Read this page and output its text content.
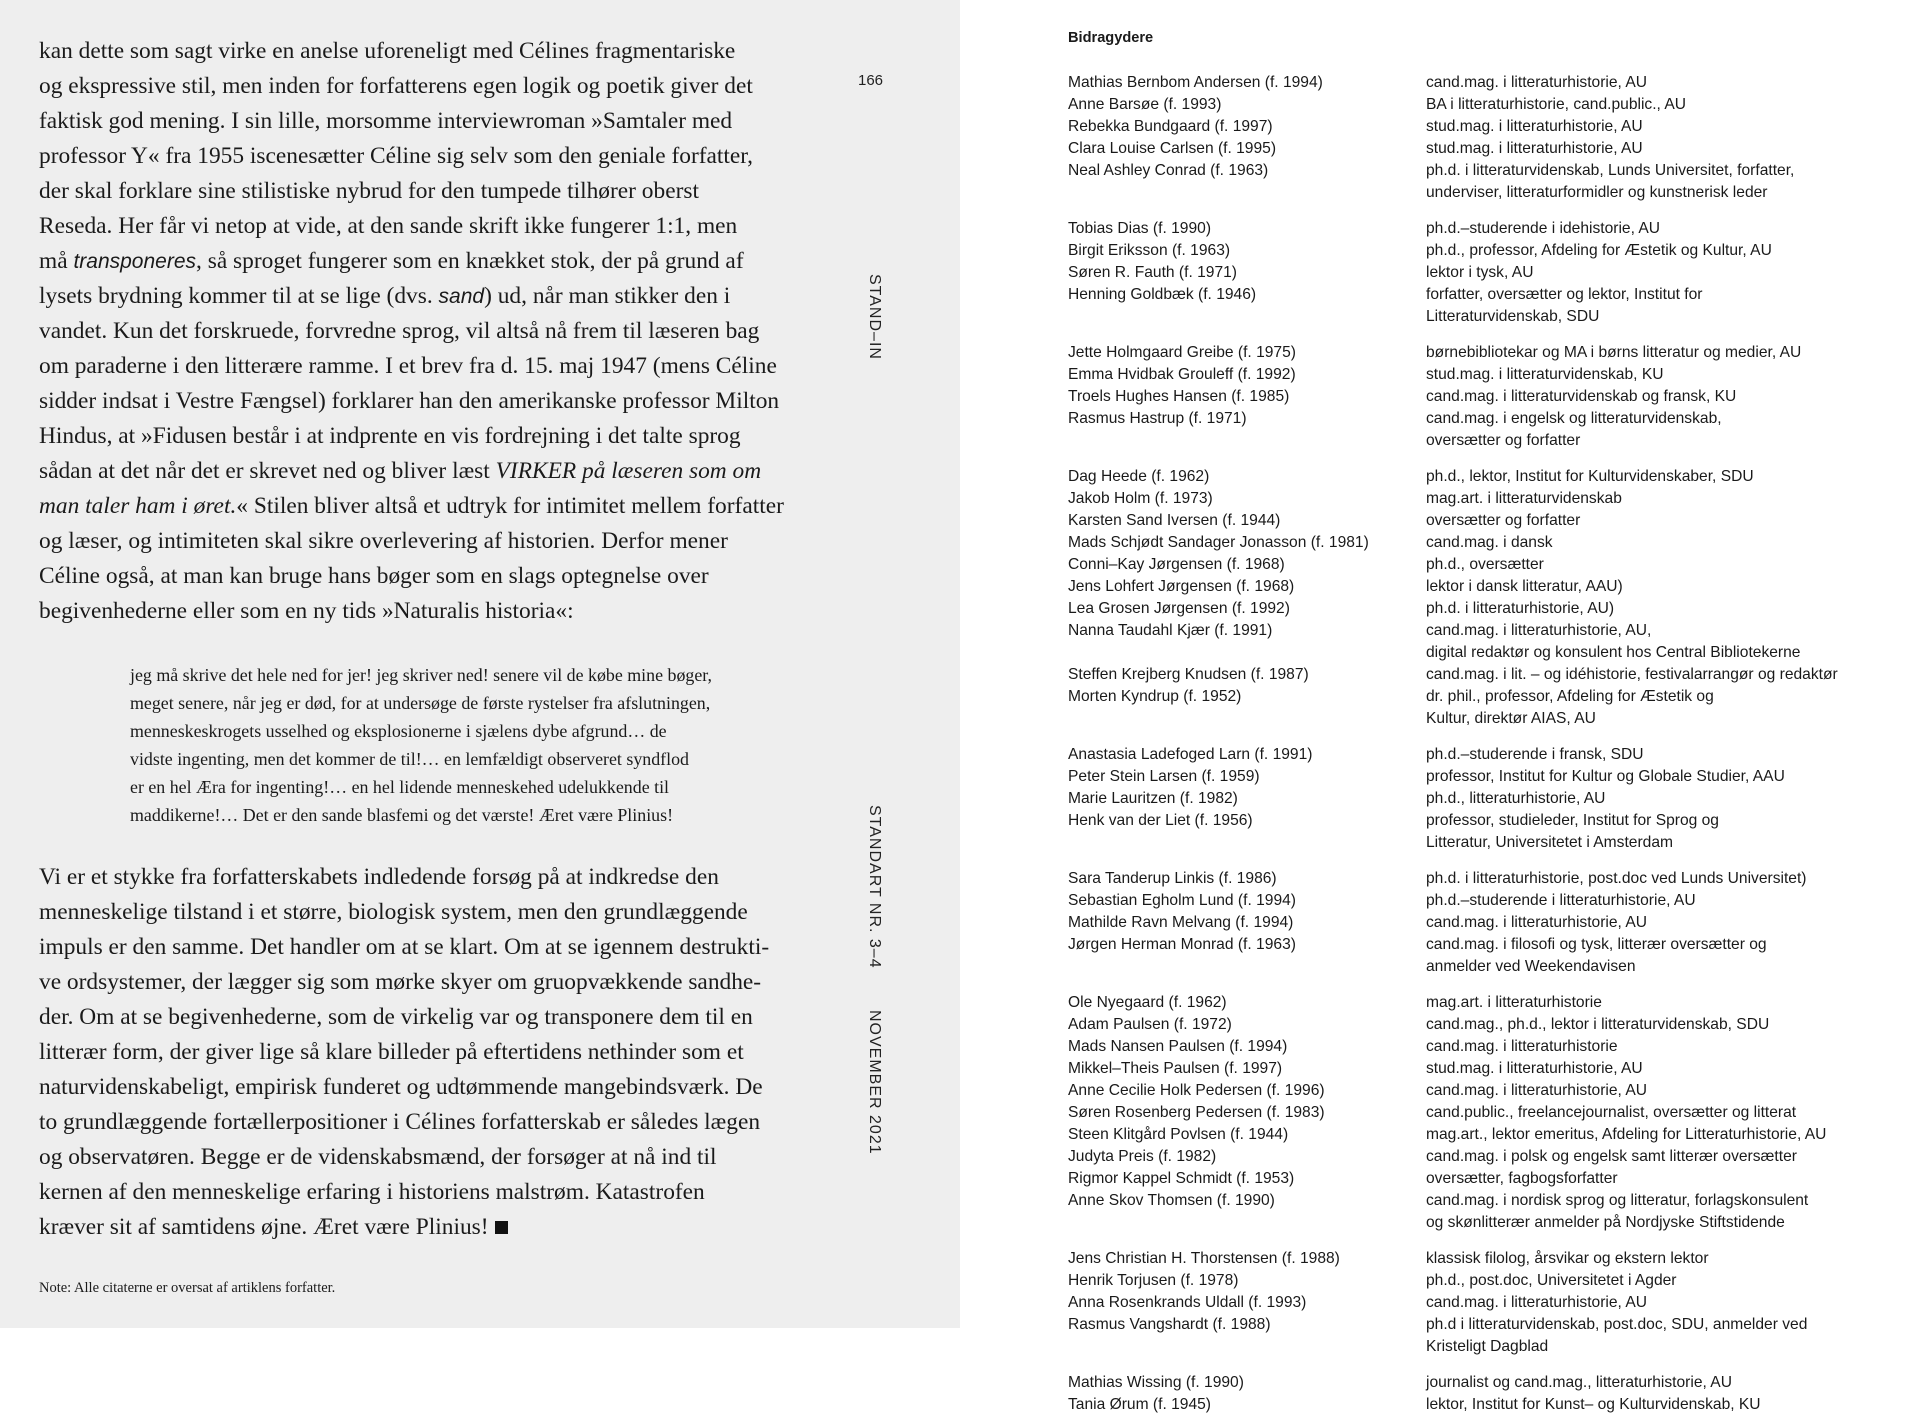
kan dette som sagt virke en anelse uforeneligt med Célines fragmentariske
og ekspressive stil, men inden for forfatterens egen logik og poetik giver det
faktisk god mening. I sin lille, morsomme interviewroman »Samtaler med
professor Y« fra 1955 iscenesætter Céline sig selv som den geniale forfatter,
der skal forklare sine stilistiske nybrud for den tumpede tilhører oberst
Reseda. Her får vi netop at vide, at den sande skrift ikke fungerer 1:1, men
må transponeres, så sproget fungerer som en knækket stok, der på grund af
lysets brydning kommer til at se lige (dvs. sand) ud, når man stikker den i
vandet. Kun det forskruede, forvredne sprog, vil altså nå frem til læseren bag
om paraderne i den litterære ramme. I et brev fra d. 15. maj 1947 (mens Céline
sidder indsat i Vestre Fængsel) forklarer han den amerikanske professor Milton
Hindus, at »Fidusen består i at indprente en vis fordrejning i det talte sprog
sådan at det når det er skrevet ned og bliver læst VIRKER på læseren som om
man taler ham i øret.« Stilen bliver altså et udtryk for intimitet mellem forfatter
og læser, og intimiteten skal sikre overlevering af historien. Derfor mener
Céline også, at man kan bruge hans bøger som en slags optegnelse over
begivenhederne eller som en ny tids »Naturalis historia«:
jeg må skrive det hele ned for jer! jeg skriver ned! senere vil de købe mine bøger,
meget senere, når jeg er død, for at undersøge de første rystelser fra afslutningen,
menneskeskrogets usselhed og eksplosionerne i sjælens dybe afgrund… de
vidste ingenting, men det kommer de til!… en lemfældigt observeret syndflod
er en hel Æra for ingenting!… en hel lidende menneskehed udelukkende til
maddikerne!… Det er den sande blasfemi og det værste! Æret være Plinius!
Vi er et stykke fra forfatterskabets indledende forsøg på at indkredse den
menneskelige tilstand i et større, biologisk system, men den grundlæggende
impuls er den samme. Det handler om at se klart. Om at se igennem destrukti-
ve ordsystemer, der lægger sig som mørke skyer om gruopvækkende sandhe-
der. Om at se begivenhederne, som de virkelig var og transponere dem til en
litterær form, der giver lige så klare billeder på eftertidens nethinder som et
naturvidenskabeligt, empirisk funderet og udtømmende mangebindsværk. De
to grundlæggende fortællerpositioner i Célines forfatterskab er således lægen
og observatøren. Begge er de videnskabsmænd, der forsøger at nå ind til
kernen af den menneskelige erfaring i historiens malstrøm. Katastrofen
kræver sit af samtidens øjne. Æret være Plinius!
Note: Alle citaterne er oversat af artiklens forfatter.
166
STAND–IN
STANDART NR. 3–4
NOVEMBER 2021
Bidragydere
Mathias Bernbom Andersen (f. 1994)	cand.mag. i litteraturhistorie, AU
Anne Barsøe (f. 1993)	BA i litteraturhistorie, cand.public., AU
Rebekka Bundgaard (f. 1997)	stud.mag. i litteraturhistorie, AU
Clara Louise Carlsen (f. 1995)	stud.mag. i litteraturhistorie, AU
Neal Ashley Conrad (f. 1963)	ph.d. i litteraturvidenskab, Lunds Universitet, forfatter,
underviser, litteraturformidler og kunstnerisk leder
Tobias Dias (f. 1990)	ph.d.–studerende i idehistorie, AU
Birgit Eriksson (f. 1963)	ph.d., professor, Afdeling for Æstetik og Kultur, AU
Søren R. Fauth (f. 1971)	lektor i tysk, AU
Henning Goldbæk (f. 1946)	forfatter, oversætter og lektor, Institut for
Litteraturvidenskab, SDU
Jette Holmgaard Greibe (f. 1975)	børnebibliotekar og MA i børns litteratur og medier, AU
Emma Hvidbak Grouleff (f. 1992)	stud.mag. i litteraturvidenskab, KU
Troels Hughes Hansen (f. 1985)	cand.mag. i litteraturvidenskab og fransk, KU
Rasmus Hastrup (f. 1971)	cand.mag. i engelsk og litteraturvidenskab,
oversætter og forfatter
Dag Heede (f. 1962)	ph.d., lektor, Institut for Kulturvidenskaber, SDU
Jakob Holm (f. 1973)	mag.art. i litteraturvidenskab
Karsten Sand Iversen (f. 1944)	oversætter og forfatter
Mads Schjødt Sandager Jonasson (f. 1981)	cand.mag. i dansk
Conni–Kay Jørgensen (f. 1968)	ph.d., oversætter
Jens Lohfert Jørgensen (f. 1968)	lektor i dansk litteratur, AAU)
Lea Grosen Jørgensen (f. 1992)	ph.d. i litteraturhistorie, AU)
Nanna Taudahl Kjær (f. 1991)	cand.mag. i litteraturhistorie, AU,
digital redaktør og konsulent hos Central Bibliotekerne
Steffen Krejberg Knudsen (f. 1987)	cand.mag. i lit. – og idéhistorie, festivalarrangør og redaktør
Morten Kyndrup (f. 1952)	dr. phil., professor, Afdeling for Æstetik og
Kultur, direktør AIAS, AU
Anastasia Ladefoged Larn (f. 1991)	ph.d.–studerende i fransk, SDU
Peter Stein Larsen (f. 1959)	professor, Institut for Kultur og Globale Studier, AAU
Marie Lauritzen (f. 1982)	ph.d., litteraturhistorie, AU
Henk van der Liet (f. 1956)	professor, studieleder, Institut for Sprog og
Litteratur, Universitetet i Amsterdam
Sara Tanderup Linkis (f. 1986)	ph.d. i litteraturhistorie, post.doc ved Lunds Universitet)
Sebastian Egholm Lund (f. 1994)	ph.d.–studerende i litteraturhistorie, AU
Mathilde Ravn Melvang (f. 1994)	cand.mag. i litteraturhistorie, AU
Jørgen Herman Monrad (f. 1963)	cand.mag. i filosofi og tysk, litterær oversætter og
anmelder ved Weekendavisen
Ole Nyegaard (f. 1962)	mag.art. i litteraturhistorie
Adam Paulsen (f. 1972)	cand.mag., ph.d., lektor i litteraturvidenskab, SDU
Mads Nansen Paulsen (f. 1994)	cand.mag. i litteraturhistorie
Mikkel–Theis Paulsen (f. 1997)	stud.mag. i litteraturhistorie, AU
Anne Cecilie Holk Pedersen (f. 1996)	cand.mag. i litteraturhistorie, AU
Søren Rosenberg Pedersen (f. 1983)	cand.public., freelancejournalist, oversætter og litterat
Steen Klitgård Povlsen (f. 1944)	mag.art., lektor emeritus, Afdeling for Litteraturhistorie, AU
Judyta Preis (f. 1982)	cand.mag. i polsk og engelsk samt litterær oversætter
Rigmor Kappel Schmidt (f. 1953)	oversætter, fagbogsforfatter
Anne Skov Thomsen (f. 1990)	cand.mag. i nordisk sprog og litteratur, forlagskonsulent
og skønlitterær anmelder på Nordjyske Stiftstidende
Jens Christian H. Thorstensen (f. 1988)	klassisk filolog, årsvikar og ekstern lektor
Henrik Torjusen (f. 1978)	ph.d., post.doc, Universitetet i Agder
Anna Rosenkrands Uldall (f. 1993)	cand.mag. i litteraturhistorie, AU
Rasmus Vangshardt (f. 1988)	ph.d i litteraturvidenskab, post.doc, SDU, anmelder ved
Kristeligt Dagblad
Mathias Wissing (f. 1990)	journalist og cand.mag., litteraturhistorie, AU
Tania Ørum (f. 1945)	lektor, Institut for Kunst– og Kulturvidenskab, KU
